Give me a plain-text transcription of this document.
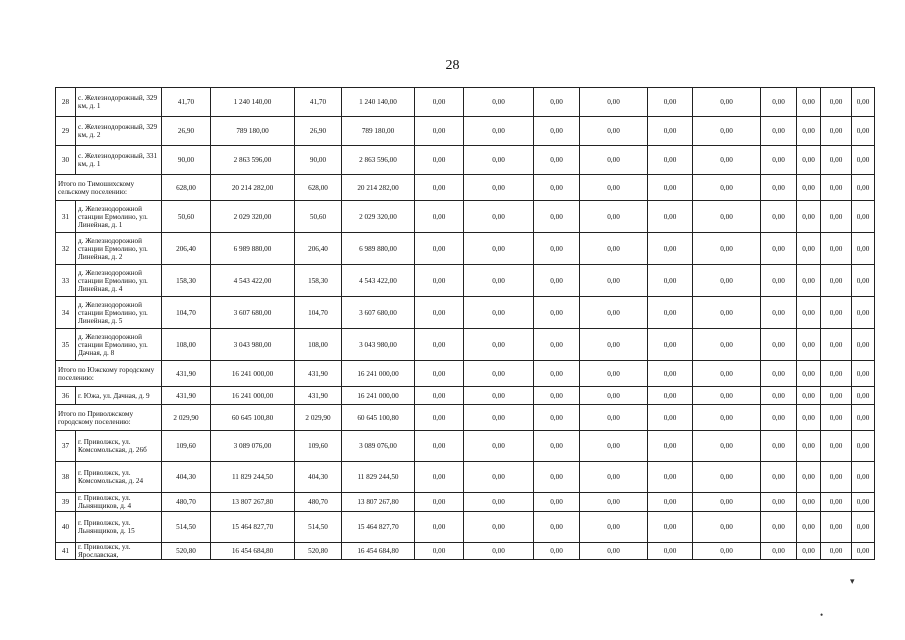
28
28	с. Железнодорожный, 329 км, д. 1	41,70	1 240 140,00	41,70	1 240 140,00	0,00	0,00	0,00	0,00	0,00	0,00	0,00	0,00	0,00	0,00
29	с. Железнодорожный, 329 км, д. 2	26,90	789 180,00	26,90	789 180,00	0,00	0,00	0,00	0,00	0,00	0,00	0,00	0,00	0,00	0,00
30	с. Железнодорожный, 331 км, д. 1	90,00	2 863 596,00	90,00	2 863 596,00	0,00	0,00	0,00	0,00	0,00	0,00	0,00	0,00	0,00	0,00
Итого по Тимошихскому сельскому поселению:		628,00	20 214 282,00	628,00	20 214 282,00	0,00	0,00	0,00	0,00	0,00	0,00	0,00	0,00	0,00	0,00
31	д. Железнодорожной станции Ермолино, ул. Линейная, д. 1	50,60	2 029 320,00	50,60	2 029 320,00	0,00	0,00	0,00	0,00	0,00	0,00	0,00	0,00	0,00	0,00
32	д. Железнодорожной станции Ермолино, ул. Линейная, д. 2	206,40	6 989 880,00	206,40	6 989 880,00	0,00	0,00	0,00	0,00	0,00	0,00	0,00	0,00	0,00	0,00
33	д. Железнодорожной станции Ермолино, ул. Линейная, д. 4	158,30	4 543 422,00	158,30	4 543 422,00	0,00	0,00	0,00	0,00	0,00	0,00	0,00	0,00	0,00	0,00
34	д. Железнодорожной станции Ермолино, ул. Линейная, д. 5	104,70	3 607 680,00	104,70	3 607 680,00	0,00	0,00	0,00	0,00	0,00	0,00	0,00	0,00	0,00	0,00
35	д. Железнодорожной станции Ермолино, ул. Дачная, д. 8	108,00	3 043 980,00	108,00	3 043 980,00	0,00	0,00	0,00	0,00	0,00	0,00	0,00	0,00	0,00	0,00
Итого по Южскому городскому поселению:		431,90	16 241 000,00	431,90	16 241 000,00	0,00	0,00	0,00	0,00	0,00	0,00	0,00	0,00	0,00	0,00
36	г. Южа, ул. Дачная, д. 9	431,90	16 241 000,00	431,90	16 241 000,00	0,00	0,00	0,00	0,00	0,00	0,00	0,00	0,00	0,00	0,00
Итого по Приволжскому городскому поселению:		2 029,90	60 645 100,80	2 029,90	60 645 100,80	0,00	0,00	0,00	0,00	0,00	0,00	0,00	0,00	0,00	0,00
37	г. Приволжск, ул. Комсомольская, д. 26б	109,60	3 089 076,00	109,60	3 089 076,00	0,00	0,00	0,00	0,00	0,00	0,00	0,00	0,00	0,00	0,00
38	г. Приволжск, ул. Комсомольская, д. 24	404,30	11 829 244,50	404,30	11 829 244,50	0,00	0,00	0,00	0,00	0,00	0,00	0,00	0,00	0,00	0,00
39	г. Приволжск, ул. Льнянщиков, д. 4	480,70	13 807 267,80	480,70	13 807 267,80	0,00	0,00	0,00	0,00	0,00	0,00	0,00	0,00	0,00	0,00
40	г. Приволжск, ул. Льнянщиков, д. 15	514,50	15 464 827,70	514,50	15 464 827,70	0,00	0,00	0,00	0,00	0,00	0,00	0,00	0,00	0,00	0,00
41	г. Приволжск, ул. Ярославская,	520,80	16 454 684,80	520,80	16 454 684,80	0,00	0,00	0,00	0,00	0,00	0,00	0,00	0,00	0,00	0,00
▾
•
